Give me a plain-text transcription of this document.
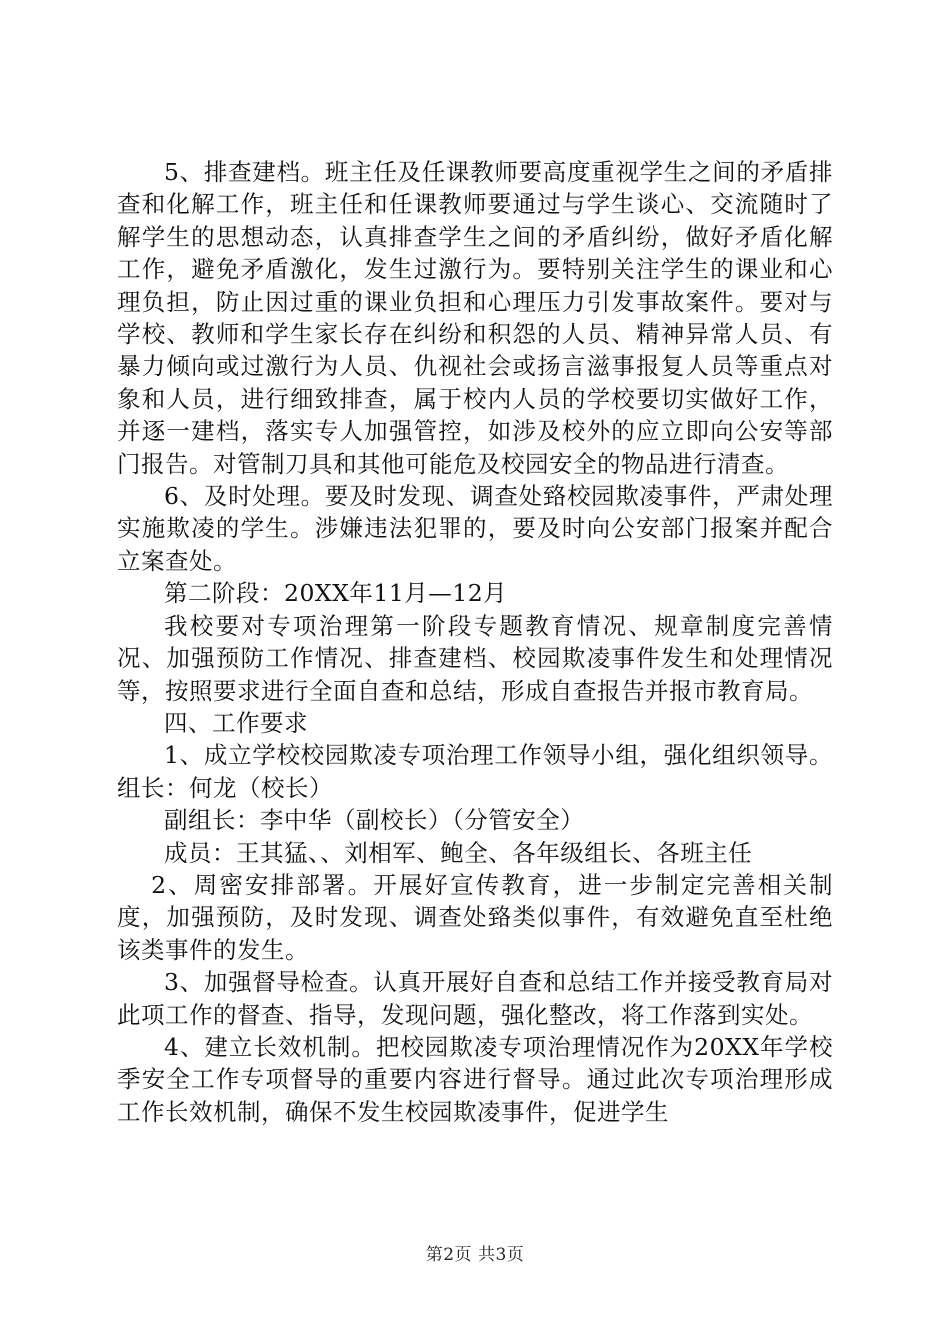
5、排查建档。班主任及任课教师要高度重视学生之间的矛盾排查和化解工作，班主任和任课教师要通过与学生谈心、交流随时了解学生的思想动态，认真排查学生之间的矛盾纠纷，做好矛盾化解工作，避免矛盾激化，发生过激行为。要特别关注学生的课业和心理负担，防止因过重的课业负担和心理压力引发事故案件。要对与学校、教师和学生家长存在纠纷和积怨的人员、精神异常人员、有暴力倾向或过激行为人员、仇视社会或扬言滋事报复人员等重点对象和人员，进行细致排查，属于校内人员的学校要切实做好工作，并逐一建档，落实专人加强管控，如涉及校外的应立即向公安等部门报告。对管制刀具和其他可能危及校园安全的物品进行清查。

6、及时处理。要及时发现、调查处臵校园欺凌事件，严肃处理实施欺凌的学生。涉嫌违法犯罪的，要及时向公安部门报案并配合立案查处。

第二阶段：20XX年11月—12月

我校要对专项治理第一阶段专题教育情况、规章制度完善情况、加强预防工作情况、排查建档、校园欺凌事件发生和处理情况等，按照要求进行全面自查和总结，形成自查报告并报市教育局。

四、工作要求

1、成立学校校园欺凌专项治理工作领导小组，强化组织领导。组长：何龙（校长）

副组长：李中华（副校长）（分管安全）

成员：王其猛、、刘相军、鲍全、各年级组长、各班主任

2、周密安排部署。开展好宣传教育，进一步制定完善相关制度，加强预防，及时发现、调查处臵类似事件，有效避免直至杜绝该类事件的发生。

3、加强督导检查。认真开展好自查和总结工作并接受教育局对此项工作的督查、指导，发现问题，强化整改，将工作落到实处。

4、建立长效机制。把校园欺凌专项治理情况作为20XX年学校季安全工作专项督导的重要内容进行督导。通过此次专项治理形成工作长效机制，确保不发生校园欺凌事件，促进学生

第2页 共3页
